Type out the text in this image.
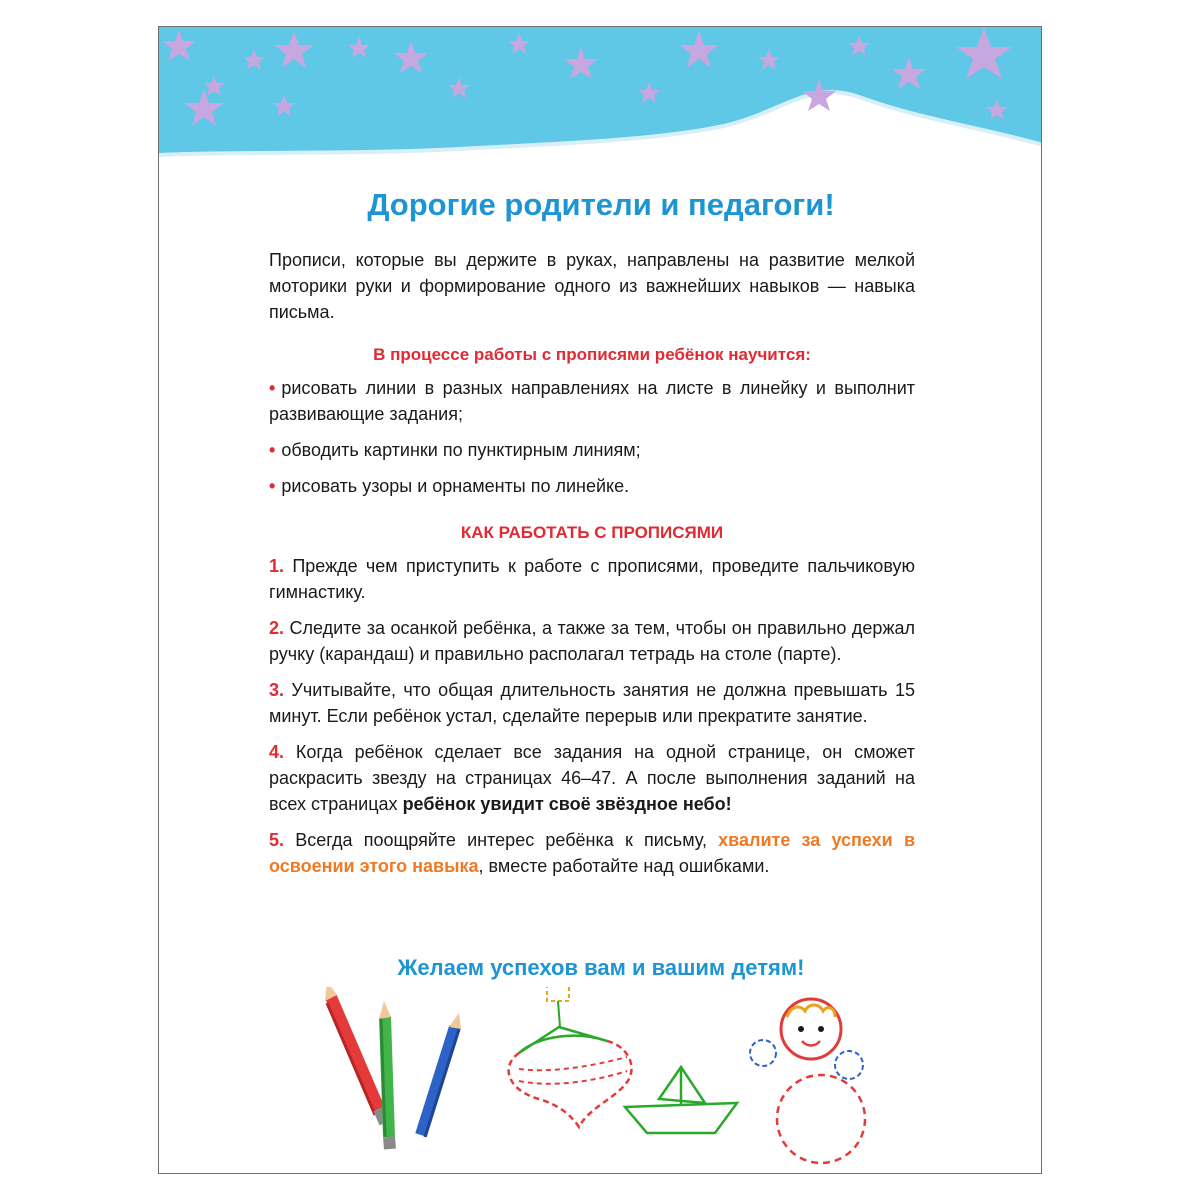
Дорогие родители и педагоги!

Прописи, которые вы держите в руках, направлены на развитие мелкой моторики руки и формирование одного из важнейших навыков — навыка письма.

В процессе работы с прописями ребёнок научится:

• рисовать линии в разных направлениях на листе в линейку и выполнит развивающие задания;
• обводить картинки по пунктирным линиям;
• рисовать узоры и орнаменты по линейке.

КАК РАБОТАТЬ С ПРОПИСЯМИ

1. Прежде чем приступить к работе с прописями, проведите пальчиковую гимнастику.
2. Следите за осанкой ребёнка, а также за тем, чтобы он правильно держал ручку (карандаш) и правильно располагал тетрадь на столе (парте).
3. Учитывайте, что общая длительность занятия не должна превышать 15 минут. Если ребёнок устал, сделайте перерыв или прекратите занятие.
4. Когда ребёнок сделает все задания на одной странице, он сможет раскрасить звезду на страницах 46–47. А после выполнения заданий на всех страницах ребёнок увидит своё звёздное небо!
5. Всегда поощряйте интерес ребёнка к письму, хвалите за успехи в освоении этого навыка, вместе работайте над ошибками.

Желаем успехов вам и вашим детям!
